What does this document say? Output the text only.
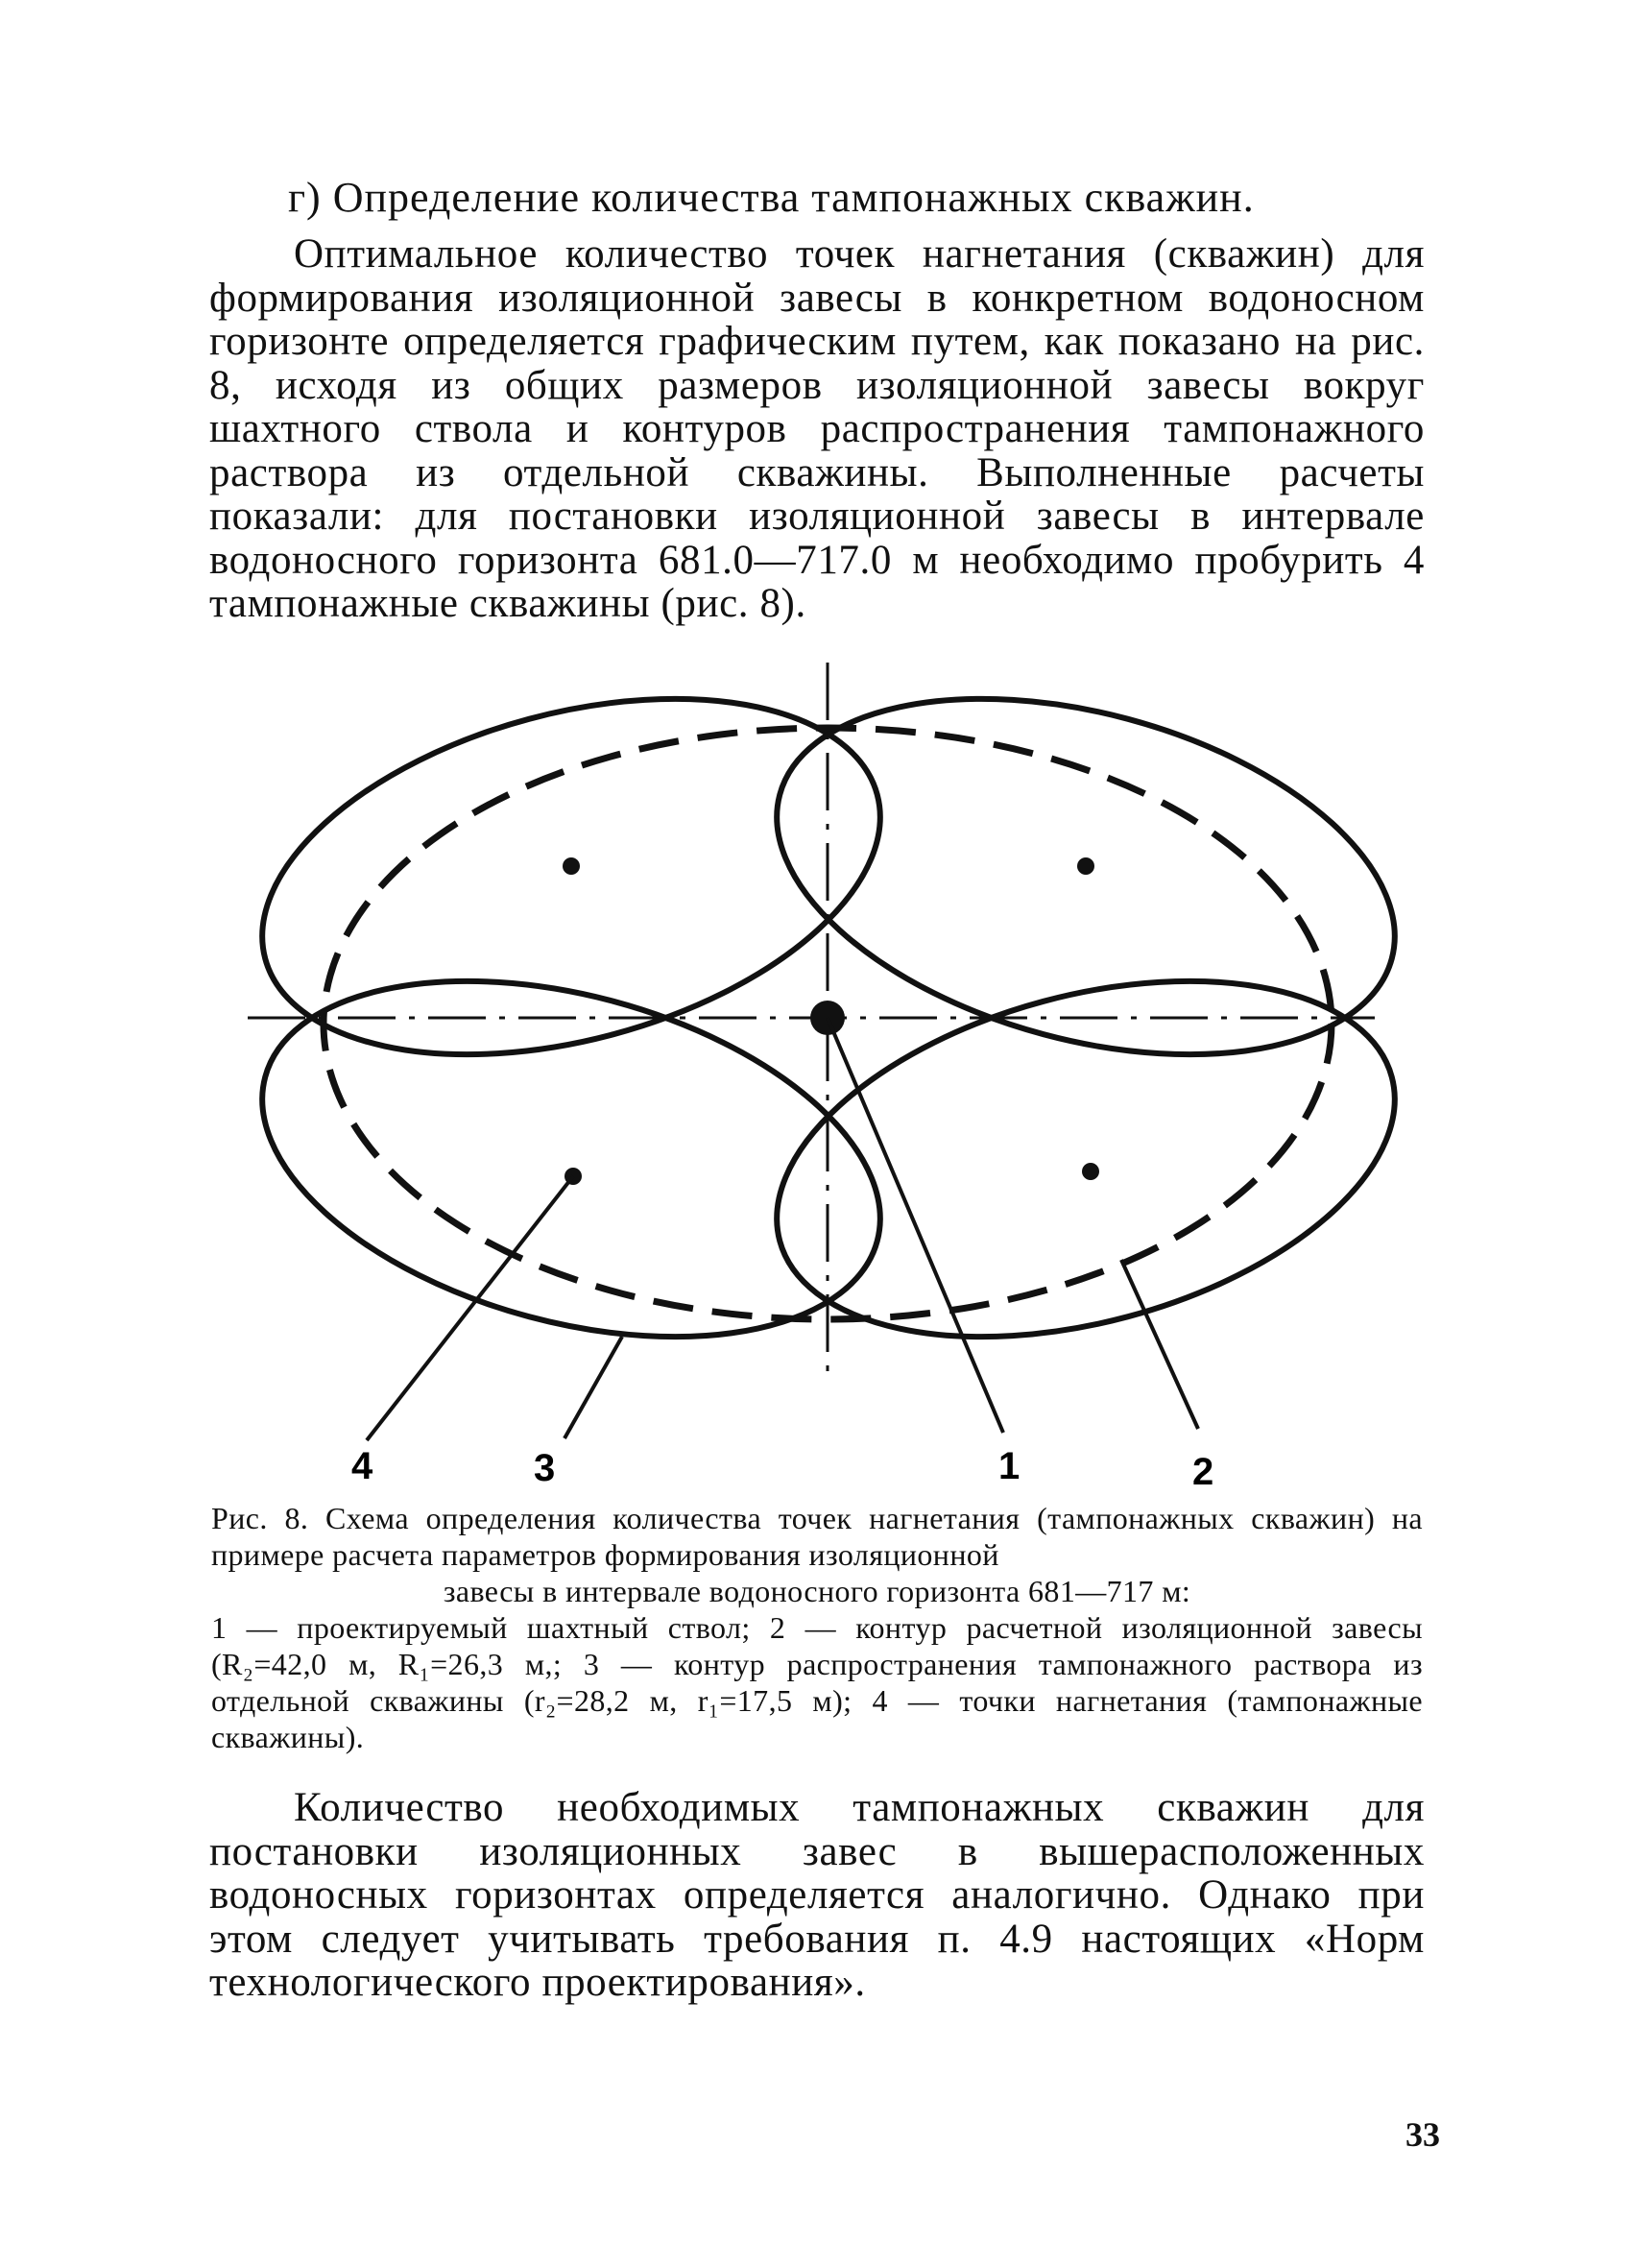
г) Определение количества тампонажных скважин.
Оптимальное количество точек нагнетания (скважин) для формирования изоляционной завесы в конкретном водоносном горизонте определяется графическим путем, как показано на рис. 8, исходя из общих размеров изоляционной завесы вокруг шахтного ствола и контуров распространения тампонажного раствора из отдельной скважины. Выполненные расчеты показали: для постановки изоляционной завесы в интервале водоносного горизонта 681.0—717.0 м необходимо пробурить 4 тампонажные скважины (рис. 8).
4	3	1	2
Рис. 8. Схема определения количества точек нагнетания (тампонажных скважин) на примере расчета параметров формирования изоляционной
завесы в интервале водоносного горизонта 681—717 м:
1 — проектируемый шахтный ствол; 2 — контур расчетной изоляционной завесы (R₂=42,0 м, R₁=26,3 м,; 3 — контур распространения тампонажного раствора из отдельной скважины (r₂=28,2 м, r₁=17,5 м); 4 — точки нагнетания (тампонажные скважины).
Количество необходимых тампонажных скважин для постановки изоляционных завес в вышерасположенных водоносных горизонтах определяется аналогично. Однако при этом следует учитывать требования п. 4.9 настоящих «Норм технологического проектирования».
33
